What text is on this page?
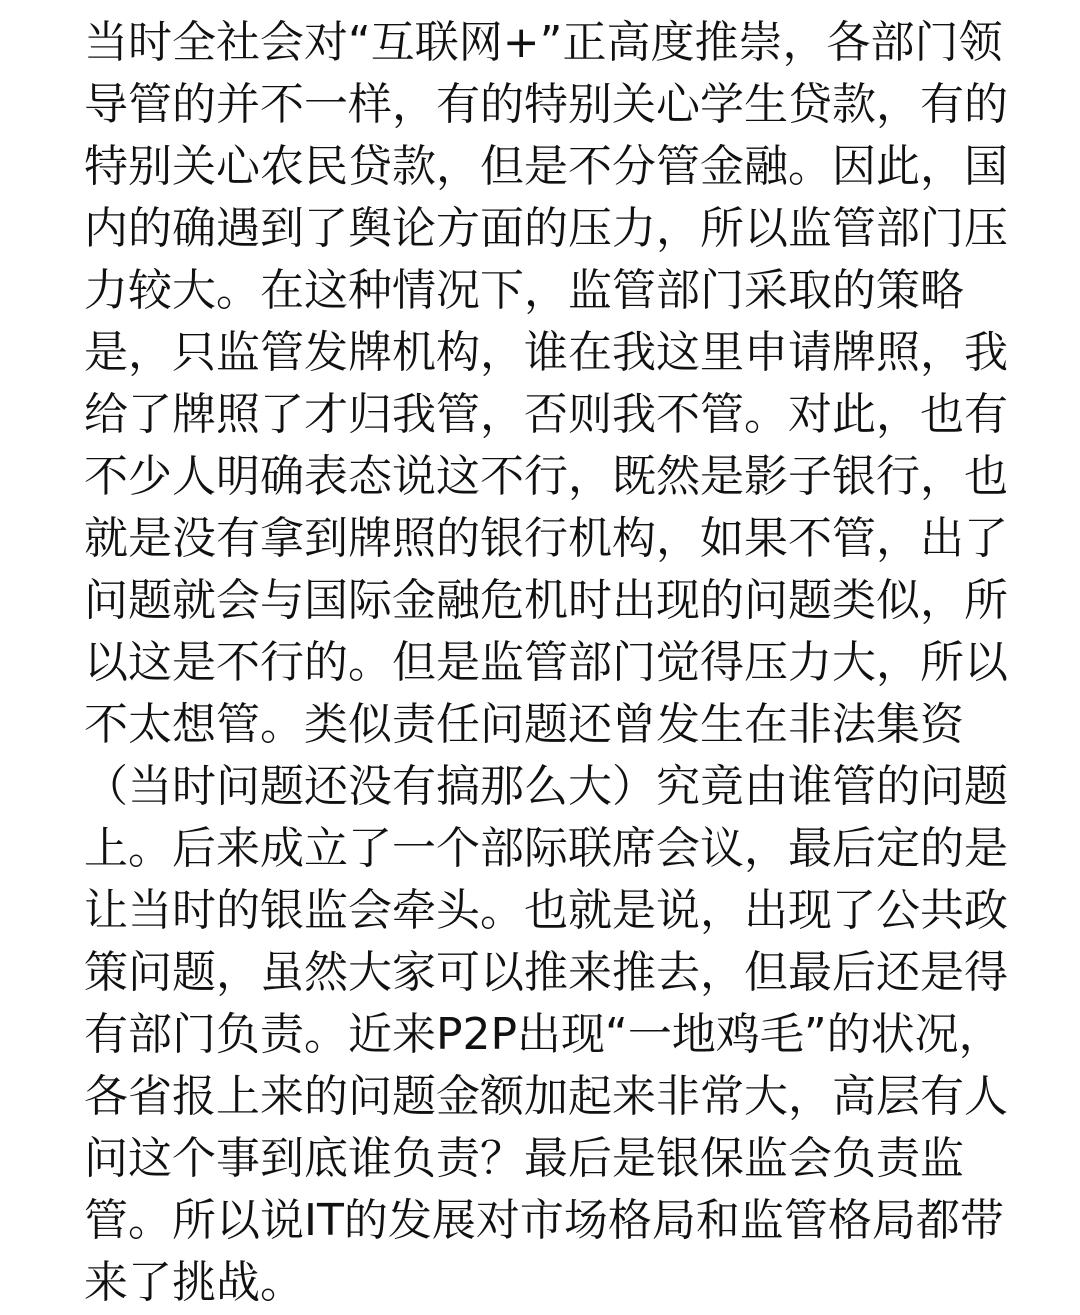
当时全社会对“互联网+”正高度推崇，各部门领
导管的并不一样，有的特别关心学生贷款，有的
特别关心农民贷款，但是不分管金融。因此，国
内的确遇到了舆论方面的压力，所以监管部门压
力较大。在这种情况下，监管部门采取的策略
是，只监管发牌机构，谁在我这里申请牌照，我
给了牌照了才归我管，否则我不管。对此，也有
不少人明确表态说这不行，既然是影子银行，也
就是没有拿到牌照的银行机构，如果不管，出了
问题就会与国际金融危机时出现的问题类似，所
以这是不行的。但是监管部门觉得压力大，所以
不太想管。类似责任问题还曾发生在非法集资
（当时问题还没有搞那么大）究竟由谁管的问题
上。后来成立了一个部际联席会议，最后定的是
让当时的银监会牵头。也就是说，出现了公共政
策问题，虽然大家可以推来推去，但最后还是得
有部门负责。近来P2P出现“一地鸡毛”的状况，
各省报上来的问题金额加起来非常大，高层有人
问这个事到底谁负责？最后是银保监会负责监
管。所以说IT的发展对市场格局和监管格局都带
来了挑战。
